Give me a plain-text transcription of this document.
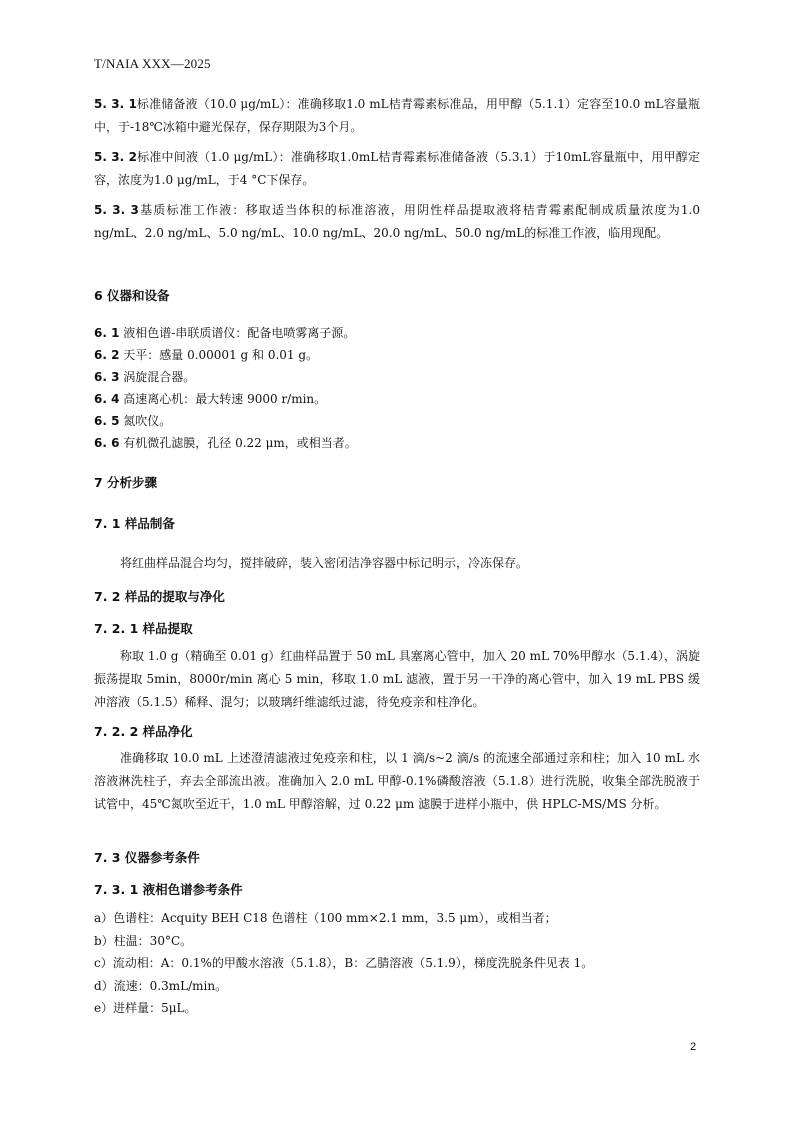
T/NAIA XXX—2025
5. 3. 1标准储备液（10.0 μg/mL）：准确移取1.0 mL桔青霉素标准品，用甲醇（5.1.1）定容至10.0 mL容量瓶中，于-18℃冰箱中避光保存，保存期限为3个月。
5. 3. 2标准中间液（1.0 μg/mL）：准确移取1.0mL桔青霉素标准储备液（5.3.1）于10mL容量瓶中，用甲醇定容，浓度为1.0 μg/mL，于4 °C下保存。
5. 3. 3基质标准工作液：移取适当体积的标准溶液，用阴性样品提取液将桔青霉素配制成质量浓度为1.0 ng/mL、2.0 ng/mL、5.0 ng/mL、10.0 ng/mL、20.0 ng/mL、50.0 ng/mL的标准工作液，临用现配。
6 仪器和设备
6. 1 液相色谱-串联质谱仪：配备电喷雾离子源。
6. 2 天平：感量 0.00001 g 和 0.01 g。
6. 3 涡旋混合器。
6. 4 高速离心机：最大转速 9000 r/min。
6. 5 氮吹仪。
6. 6 有机微孔滤膜，孔径 0.22 μm，或相当者。
7 分析步骤
7. 1 样品制备
将红曲样品混合均匀，搅拌破碎，装入密闭洁净容器中标记明示，冷冻保存。
7. 2 样品的提取与净化
7. 2. 1 样品提取
称取 1.0 g（精确至 0.01 g）红曲样品置于 50 mL 具塞离心管中，加入 20 mL 70%甲醇水（5.1.4），涡旋振荡提取 5min，8000r/min 离心 5 min，移取 1.0 mL 滤液，置于另一干净的离心管中，加入 19 mL PBS 缓冲溶液（5.1.5）稀释、混匀；以玻璃纤维滤纸过滤，待免疫亲和柱净化。
7. 2. 2 样品净化
准确移取 10.0 mL 上述澄清滤液过免疫亲和柱，以 1 滴/s~2 滴/s 的流速全部通过亲和柱；加入 10 mL 水溶液淋洗柱子，弃去全部流出液。准确加入 2.0 mL 甲醇-0.1%磷酸溶液（5.1.8）进行洗脱，收集全部洗脱液于试管中，45℃氮吹至近干，1.0 mL 甲醇溶解，过 0.22 μm 滤膜于进样小瓶中，供 HPLC-MS/MS 分析。
7. 3 仪器参考条件
7. 3. 1 液相色谱参考条件
a）色谱柱：Acquity BEH C18 色谱柱（100 mm×2.1 mm，3.5 μm），或相当者；
b）柱温：30°C。
c）流动相：A：0.1%的甲酸水溶液（5.1.8），B：乙腈溶液（5.1.9），梯度洗脱条件见表 1。
d）流速：0.3mL/min。
e）进样量：5μL。
2
